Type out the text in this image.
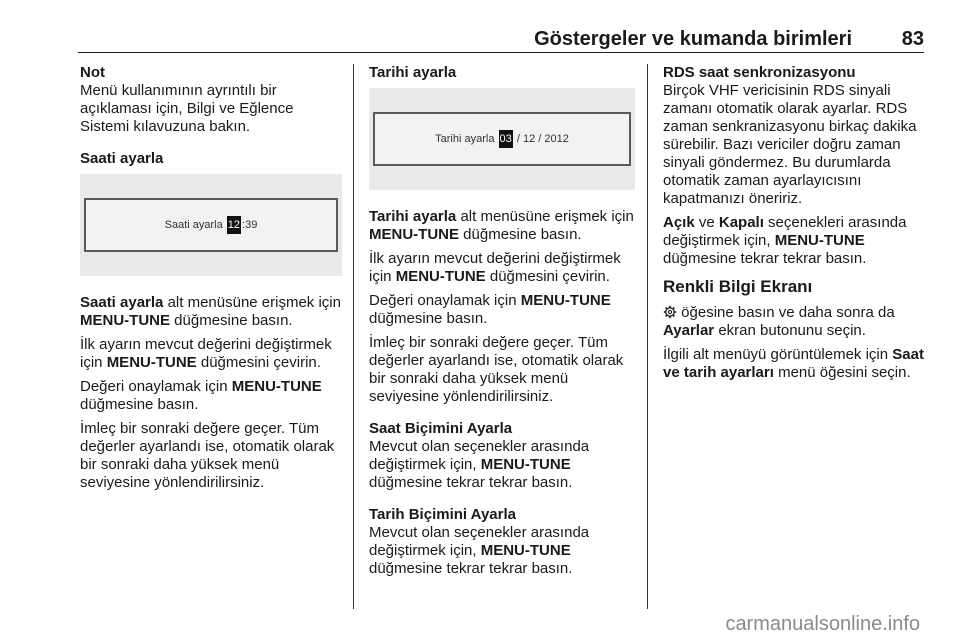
Göstergeler ve kumanda birimleri 83

Not

Menü kullanımının ayrıntılı bir açıklaması için, Bilgi ve Eğlence Sistemi kılavuzuna bakın.

Saati ayarla

Saati ayarla
12 :39

Saati ayarla alt menüsüne erişmek için MENU-TUNE düğmesine basın.

İlk ayarın mevcut değerini değiştirmek için MENU-TUNE düğmesini çevirin.

Değeri onaylamak için MENU-TUNE düğmesine basın.

İmleç bir sonraki değere geçer. Tüm değerler ayarlandı ise, otomatik olarak bir sonraki daha yüksek menü seviyesine yönlendirilirsiniz.

Tarihi ayarla

Tarihi ayarla
03
/ 12 / 2012

Tarihi ayarla alt menüsüne erişmek için MENU-TUNE düğmesine basın.

İlk ayarın mevcut değerini değiştirmek için MENU-TUNE düğmesini çevirin.

Değeri onaylamak için MENU-TUNE düğmesine basın.

İmleç bir sonraki değere geçer. Tüm değerler ayarlandı ise, otomatik olarak bir sonraki daha yüksek menü seviyesine yönlendirilirsiniz.

Saat Biçimini Ayarla

Mevcut olan seçenekler arasında değiştirmek için, MENU-TUNE düğmesine tekrar tekrar basın.

Tarih Biçimini Ayarla

Mevcut olan seçenekler arasında değiştirmek için, MENU-TUNE düğmesine tekrar tekrar basın.

RDS saat senkronizasyonu

Birçok VHF vericisinin RDS sinyali zamanı otomatik olarak ayarlar. RDS zaman senkranizasyonu birkaç dakika sürebilir. Bazı vericiler doğru zaman sinyali göndermez. Bu durumlarda otomatik zaman ayarlayıcısını kapatmanızı öneririz.

Açık ve Kapalı seçenekleri arasında değiştirmek için, MENU-TUNE düğmesine tekrar tekrar basın.

Renkli Bilgi Ekranı

öğesine basın ve daha sonra da Ayarlar ekran butonunu seçin.

İlgili alt menüyü görüntülemek için Saat ve tarih ayarları menü öğesini seçin.

carmanualsonline.info
